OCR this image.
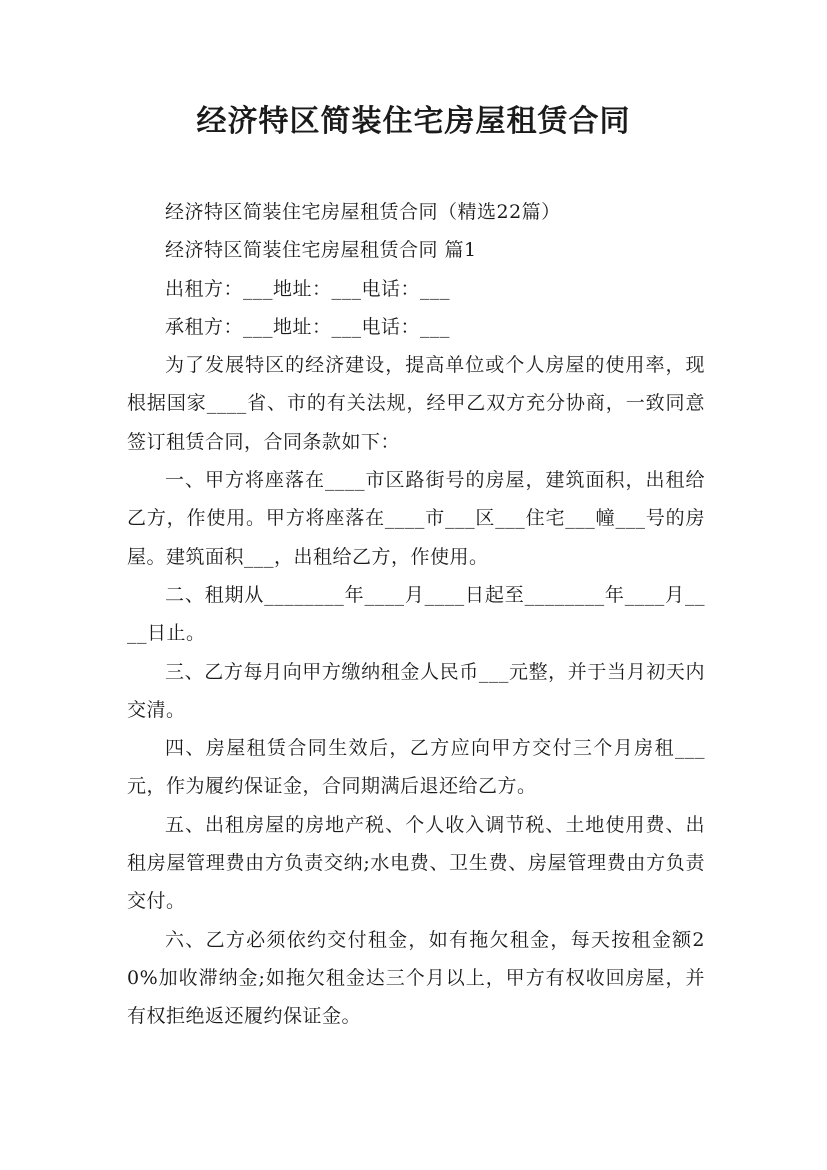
经济特区简装住宅房屋租赁合同

经济特区简装住宅房屋租赁合同（精选22篇）

经济特区简装住宅房屋租赁合同 篇1

出租方：___地址：___电话：___

承租方：___地址：___电话：___

为了发展特区的经济建设，提高单位或个人房屋的使用率，现根据国家____省、市的有关法规，经甲乙双方充分协商，一致同意签订租赁合同，合同条款如下：

一、甲方将座落在____市区路街号的房屋，建筑面积，出租给乙方，作使用。甲方将座落在____市___区___住宅___幢___号的房屋。建筑面积___，出租给乙方，作使用。

二、租期从________年____月____日起至________年____月____日止。

三、乙方每月向甲方缴纳租金人民币___元整，并于当月初天内交清。

四、房屋租赁合同生效后，乙方应向甲方交付三个月房租___元，作为履约保证金，合同期满后退还给乙方。

五、出租房屋的房地产税、个人收入调节税、土地使用费、出租房屋管理费由方负责交纳;水电费、卫生费、房屋管理费由方负责交付。

六、乙方必须依约交付租金，如有拖欠租金，每天按租金额20%加收滞纳金;如拖欠租金达三个月以上，甲方有权收回房屋，并有权拒绝返还履约保证金。
